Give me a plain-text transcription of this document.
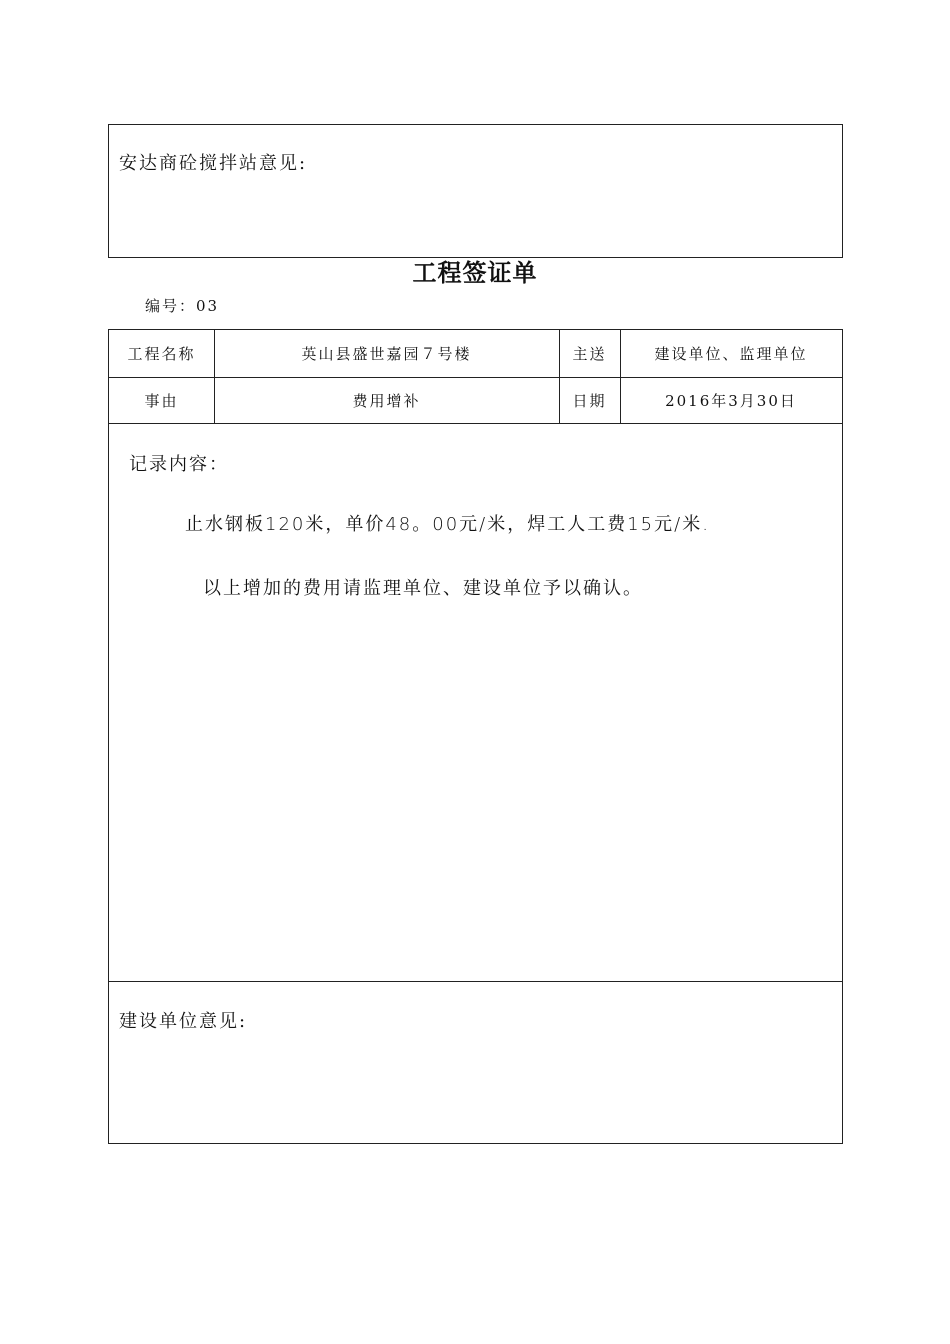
安达商砼搅拌站意见:
工程签证单
编号：03
工程名称	英山县盛世嘉园７号楼	主送	建设单位、监理单位
事由	费用增补	日期	2016年3月30日
记录内容：
止水钢板120米，单价48。00元/米，焊工人工费15元/米.
以上增加的费用请监理单位、建设单位予以确认。
建设单位意见:
